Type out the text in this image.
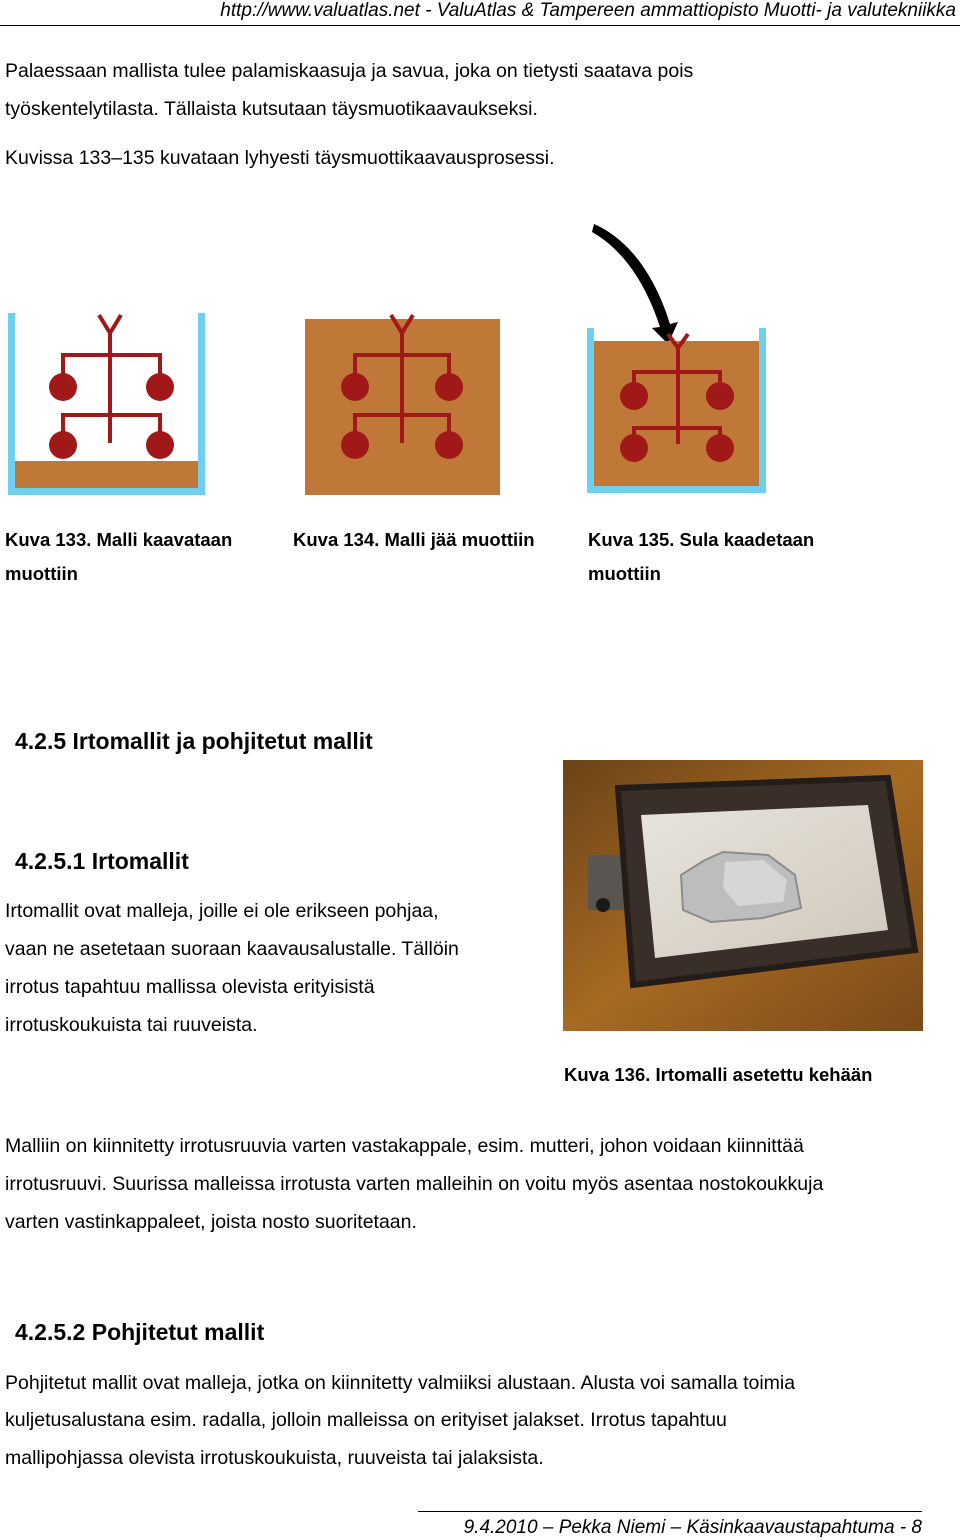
http://www.valuatlas.net - ValuAtlas & Tampereen ammattiopisto Muotti- ja valutekniikka
Palaessaan mallista tulee palamiskaasuja ja savua, joka on tietysti saatava pois
työskentelytilasta. Tällaista kutsutaan täysmuotikaavaukseksi.
Kuvissa 133–135 kuvataan lyhyesti täysmuottikaavausprosessi.
Kuva 133. Malli kaavataan
muottiin
Kuva 134. Malli jää muottiin	Kuva 135. Sula kaadetaan
muottiin
4.2.5 Irtomallit ja pohjitetut mallit
4.2.5.1 Irtomallit
Irtomallit ovat malleja, joille ei ole erikseen pohjaa,
vaan ne asetetaan suoraan kaavausalustalle. Tällöin
irrotus tapahtuu mallissa olevista erityisistä
irrotuskoukuista tai ruuveista.
Kuva 136. Irtomalli asetettu kehään
Malliin on kiinnitetty irrotusruuvia varten vastakappale, esim. mutteri, johon voidaan kiinnittää
irrotusruuvi. Suurissa malleissa irrotusta varten malleihin on voitu myös asentaa nostokoukkuja
varten vastinkappaleet, joista nosto suoritetaan.
4.2.5.2 Pohjitetut mallit
Pohjitetut mallit ovat malleja, jotka on kiinnitetty valmiiksi alustaan. Alusta voi samalla toimia
kuljetusalustana esim. radalla, jolloin malleissa on erityiset jalakset. Irrotus tapahtuu
mallipohjassa olevista irrotuskoukuista, ruuveista tai jalaksista.
9.4.2010 – Pekka Niemi – Käsinkaavaustapahtuma - 8
